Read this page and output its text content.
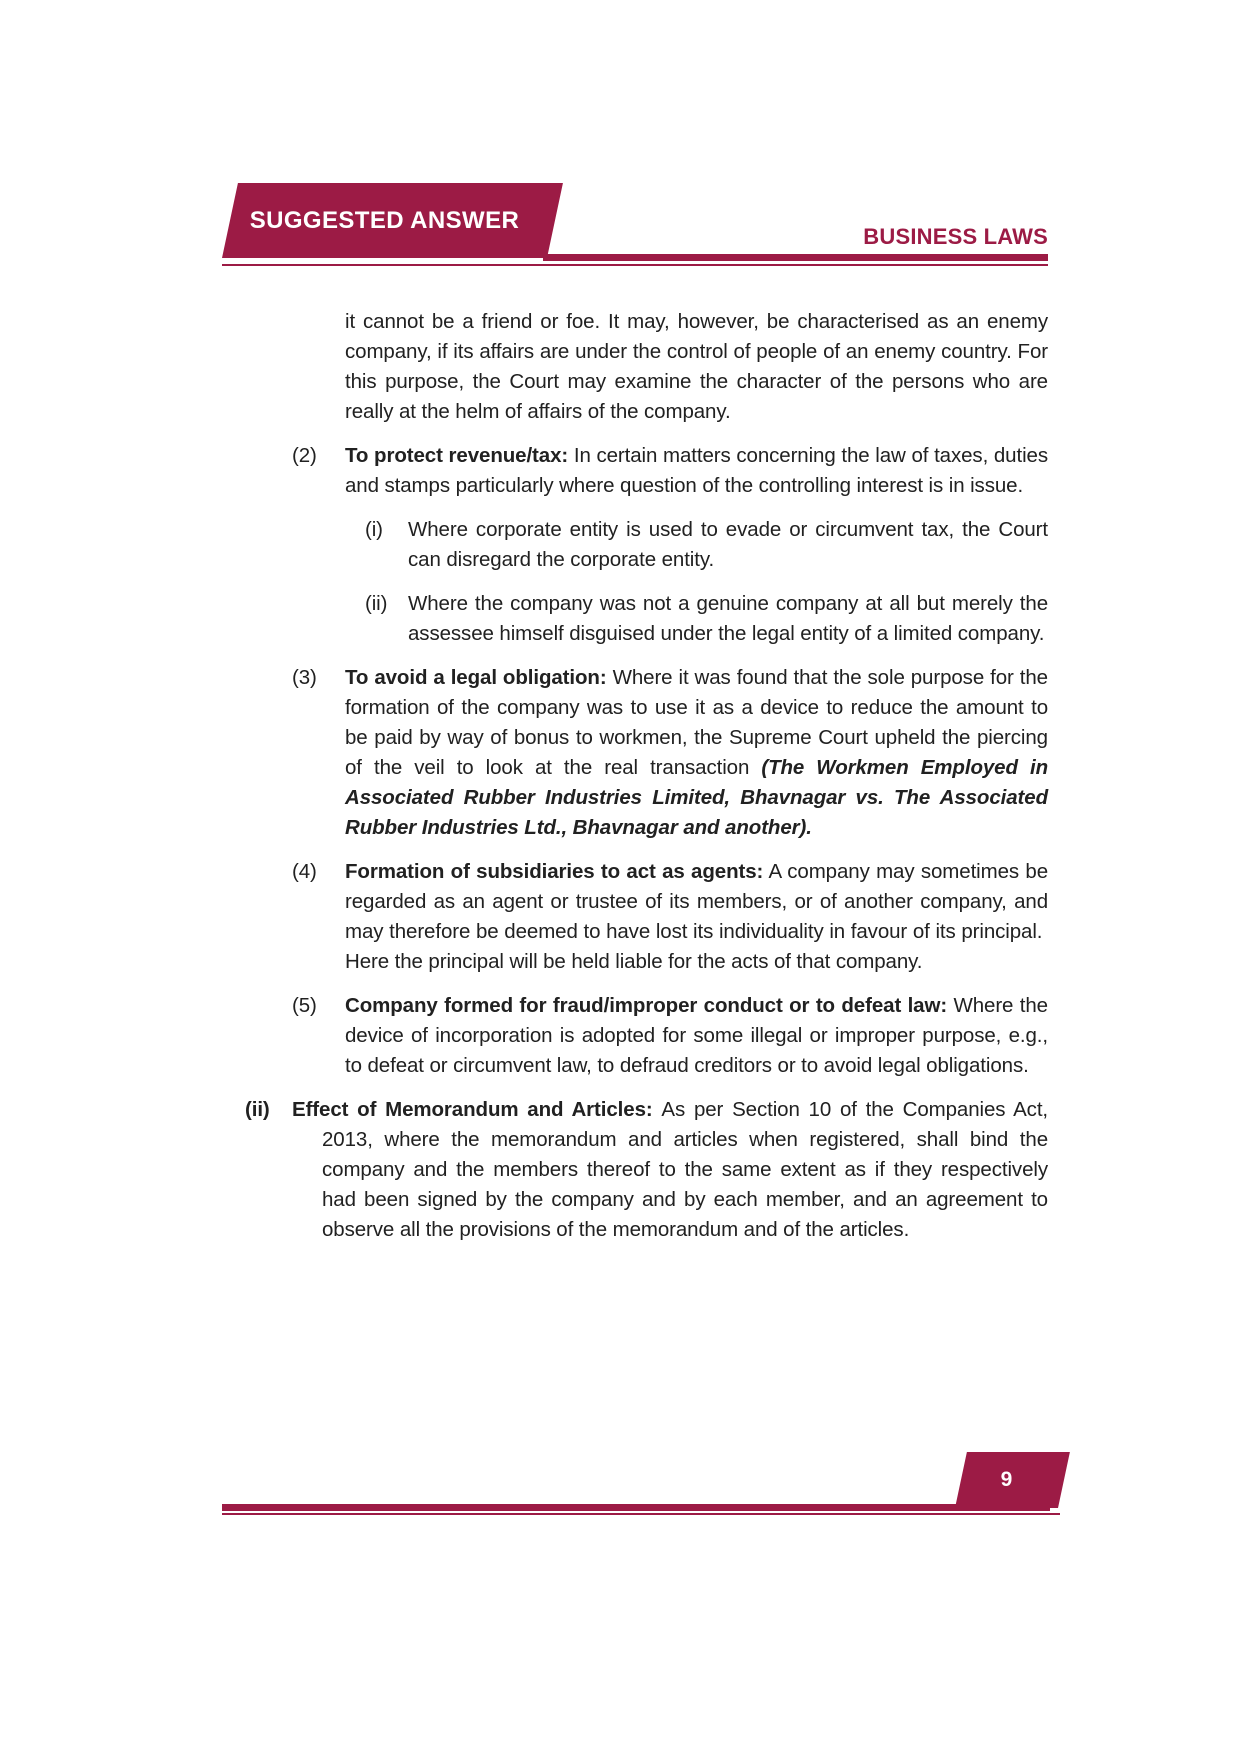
SUGGESTED ANSWER
BUSINESS LAWS

it cannot be a friend or foe. It may, however, be characterised as an enemy company, if its affairs are under the control of people of an enemy country. For this purpose, the Court may examine the character of the persons who are really at the helm of affairs of the company.

(2) To protect revenue/tax: In certain matters concerning the law of taxes, duties and stamps particularly where question of the controlling interest is in issue.

(i) Where corporate entity is used to evade or circumvent tax, the Court can disregard the corporate entity.

(ii) Where the company was not a genuine company at all but merely the assessee himself disguised under the legal entity of a limited company.

(3) To avoid a legal obligation: Where it was found that the sole purpose for the formation of the company was to use it as a device to reduce the amount to be paid by way of bonus to workmen, the Supreme Court upheld the piercing of the veil to look at the real transaction (The Workmen Employed in Associated Rubber Industries Limited, Bhavnagar vs. The Associated Rubber Industries Ltd., Bhavnagar and another).

(4) Formation of subsidiaries to act as agents: A company may sometimes be regarded as an agent or trustee of its members, or of another company, and may therefore be deemed to have lost its individuality in favour of its principal.  Here the principal will be held liable for the acts of that company.

(5) Company formed for fraud/improper conduct or to defeat law: Where the device of incorporation is adopted for some illegal or improper purpose, e.g., to defeat or circumvent law, to defraud creditors or to avoid legal obligations.

(ii) Effect of Memorandum and Articles: As per Section 10 of the Companies Act, 2013, where the memorandum and articles when registered, shall bind the company and the members thereof to the same extent as if they respectively had been signed by the company and by each member, and an agreement to observe all the provisions of the memorandum and of the articles.

9
